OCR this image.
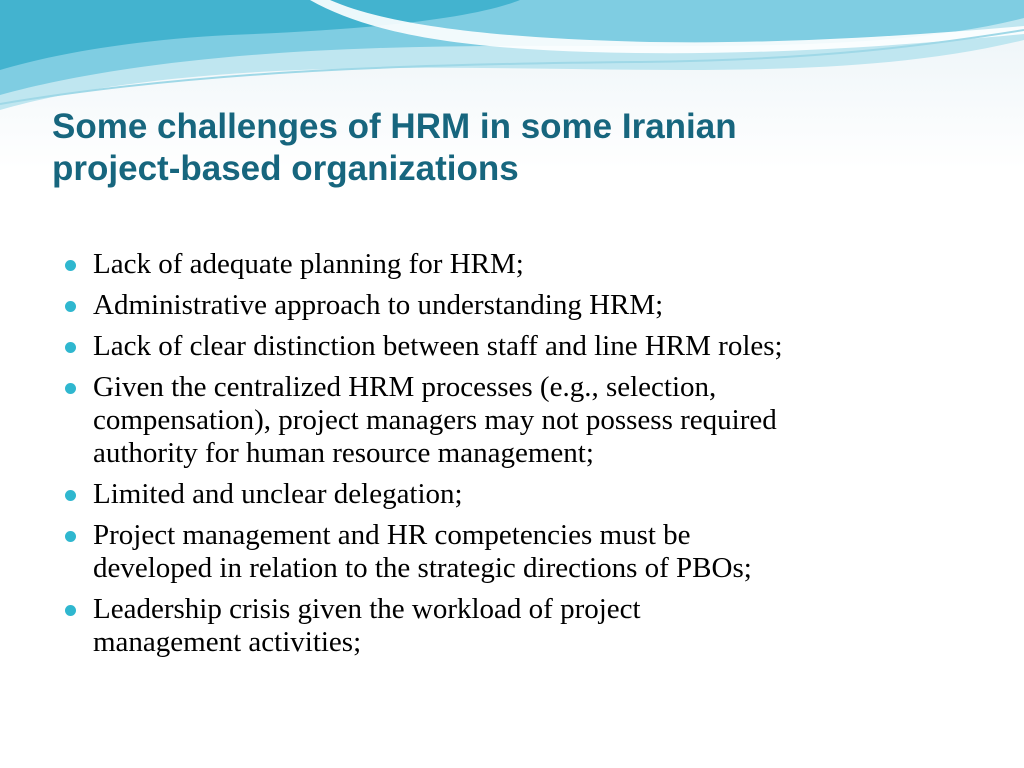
Some challenges of HRM in some Iranian
project-based organizations
Lack of adequate planning for HRM;
Administrative approach to understanding HRM;
Lack of clear distinction between staff and line HRM roles;
Given the centralized HRM processes (e.g., selection,
compensation), project managers may not possess required
authority for human resource management;
Limited and unclear delegation;
Project management and HR competencies must be
developed in relation to the strategic directions of PBOs;
Leadership crisis given the workload of project
management activities;
